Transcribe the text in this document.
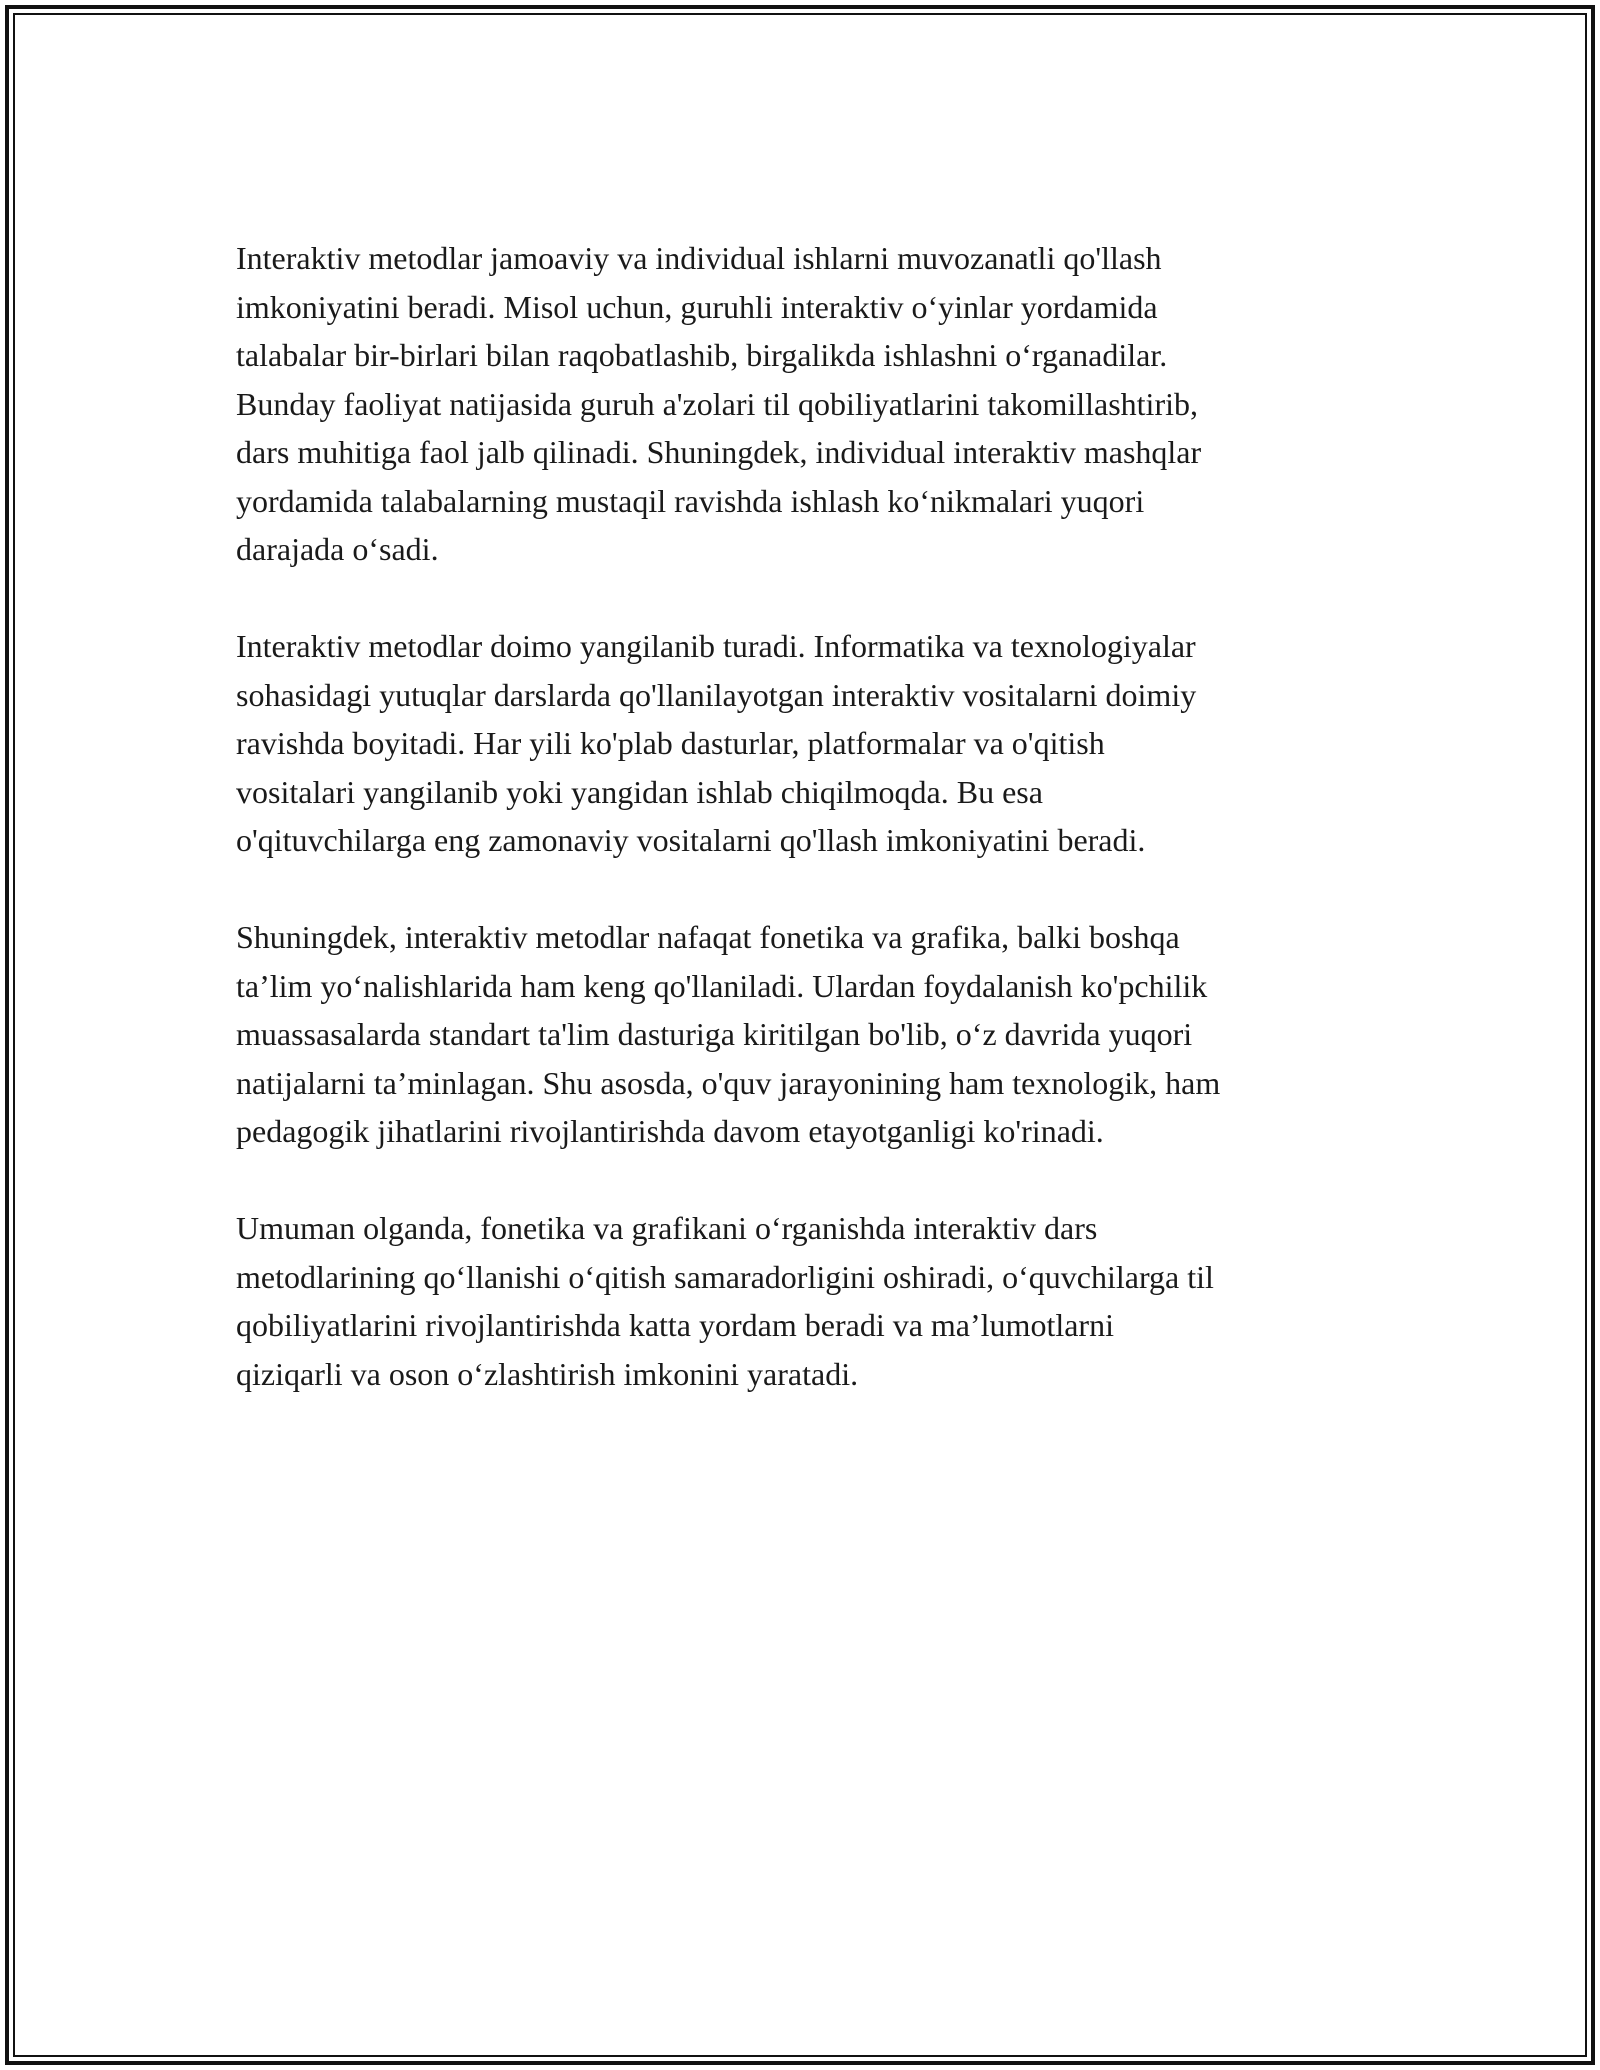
Interaktiv metodlar jamoaviy va individual ishlarni muvozanatli qo'llash
imkoniyatini beradi. Misol uchun, guruhli interaktiv o‘yinlar yordamida
talabalar bir-birlari bilan raqobatlashib, birgalikda ishlashni o‘rganadilar.
Bunday faoliyat natijasida guruh a'zolari til qobiliyatlarini takomillashtirib,
dars muhitiga faol jalb qilinadi. Shuningdek, individual interaktiv mashqlar
yordamida talabalarning mustaqil ravishda ishlash ko‘nikmalari yuqori
darajada o‘sadi.

Interaktiv metodlar doimo yangilanib turadi. Informatika va texnologiyalar
sohasidagi yutuqlar darslarda qo'llanilayotgan interaktiv vositalarni doimiy
ravishda boyitadi. Har yili ko'plab dasturlar, platformalar va o'qitish
vositalari yangilanib yoki yangidan ishlab chiqilmoqda. Bu esa
o'qituvchilarga eng zamonaviy vositalarni qo'llash imkoniyatini beradi.

Shuningdek, interaktiv metodlar nafaqat fonetika va grafika, balki boshqa
ta’lim yo‘nalishlarida ham keng qo'llaniladi. Ulardan foydalanish ko'pchilik
muassasalarda standart ta'lim dasturiga kiritilgan bo'lib, o‘z davrida yuqori
natijalarni ta’minlagan. Shu asosda, o'quv jarayonining ham texnologik, ham
pedagogik jihatlarini rivojlantirishda davom etayotganligi ko'rinadi.

Umuman olganda, fonetika va grafikani o‘rganishda interaktiv dars
metodlarining qo‘llanishi o‘qitish samaradorligini oshiradi, o‘quvchilarga til
qobiliyatlarini rivojlantirishda katta yordam beradi va ma’lumotlarni
qiziqarli va oson o‘zlashtirish imkonini yaratadi.
